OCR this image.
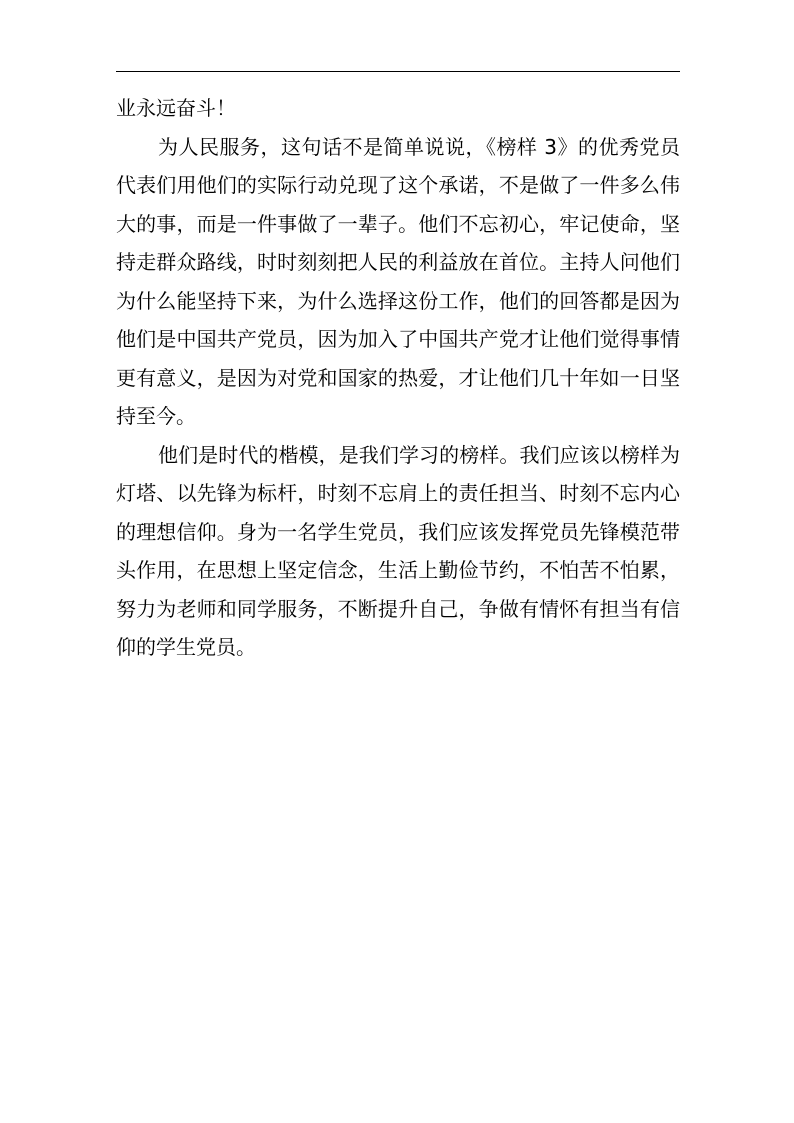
业永远奋斗！

为人民服务，这句话不是简单说说，《榜样 3》的优秀党员代表们用他们的实际行动兑现了这个承诺，不是做了一件多么伟大的事，而是一件事做了一辈子。他们不忘初心，牢记使命，坚持走群众路线，时时刻刻把人民的利益放在首位。主持人问他们为什么能坚持下来，为什么选择这份工作，他们的回答都是因为他们是中国共产党员，因为加入了中国共产党才让他们觉得事情更有意义，是因为对党和国家的热爱，才让他们几十年如一日坚持至今。

他们是时代的楷模，是我们学习的榜样。我们应该以榜样为灯塔、以先锋为标杆，时刻不忘肩上的责任担当、时刻不忘内心的理想信仰。身为一名学生党员，我们应该发挥党员先锋模范带头作用，在思想上坚定信念，生活上勤俭节约，不怕苦不怕累，努力为老师和同学服务，不断提升自己，争做有情怀有担当有信仰的学生党员。
